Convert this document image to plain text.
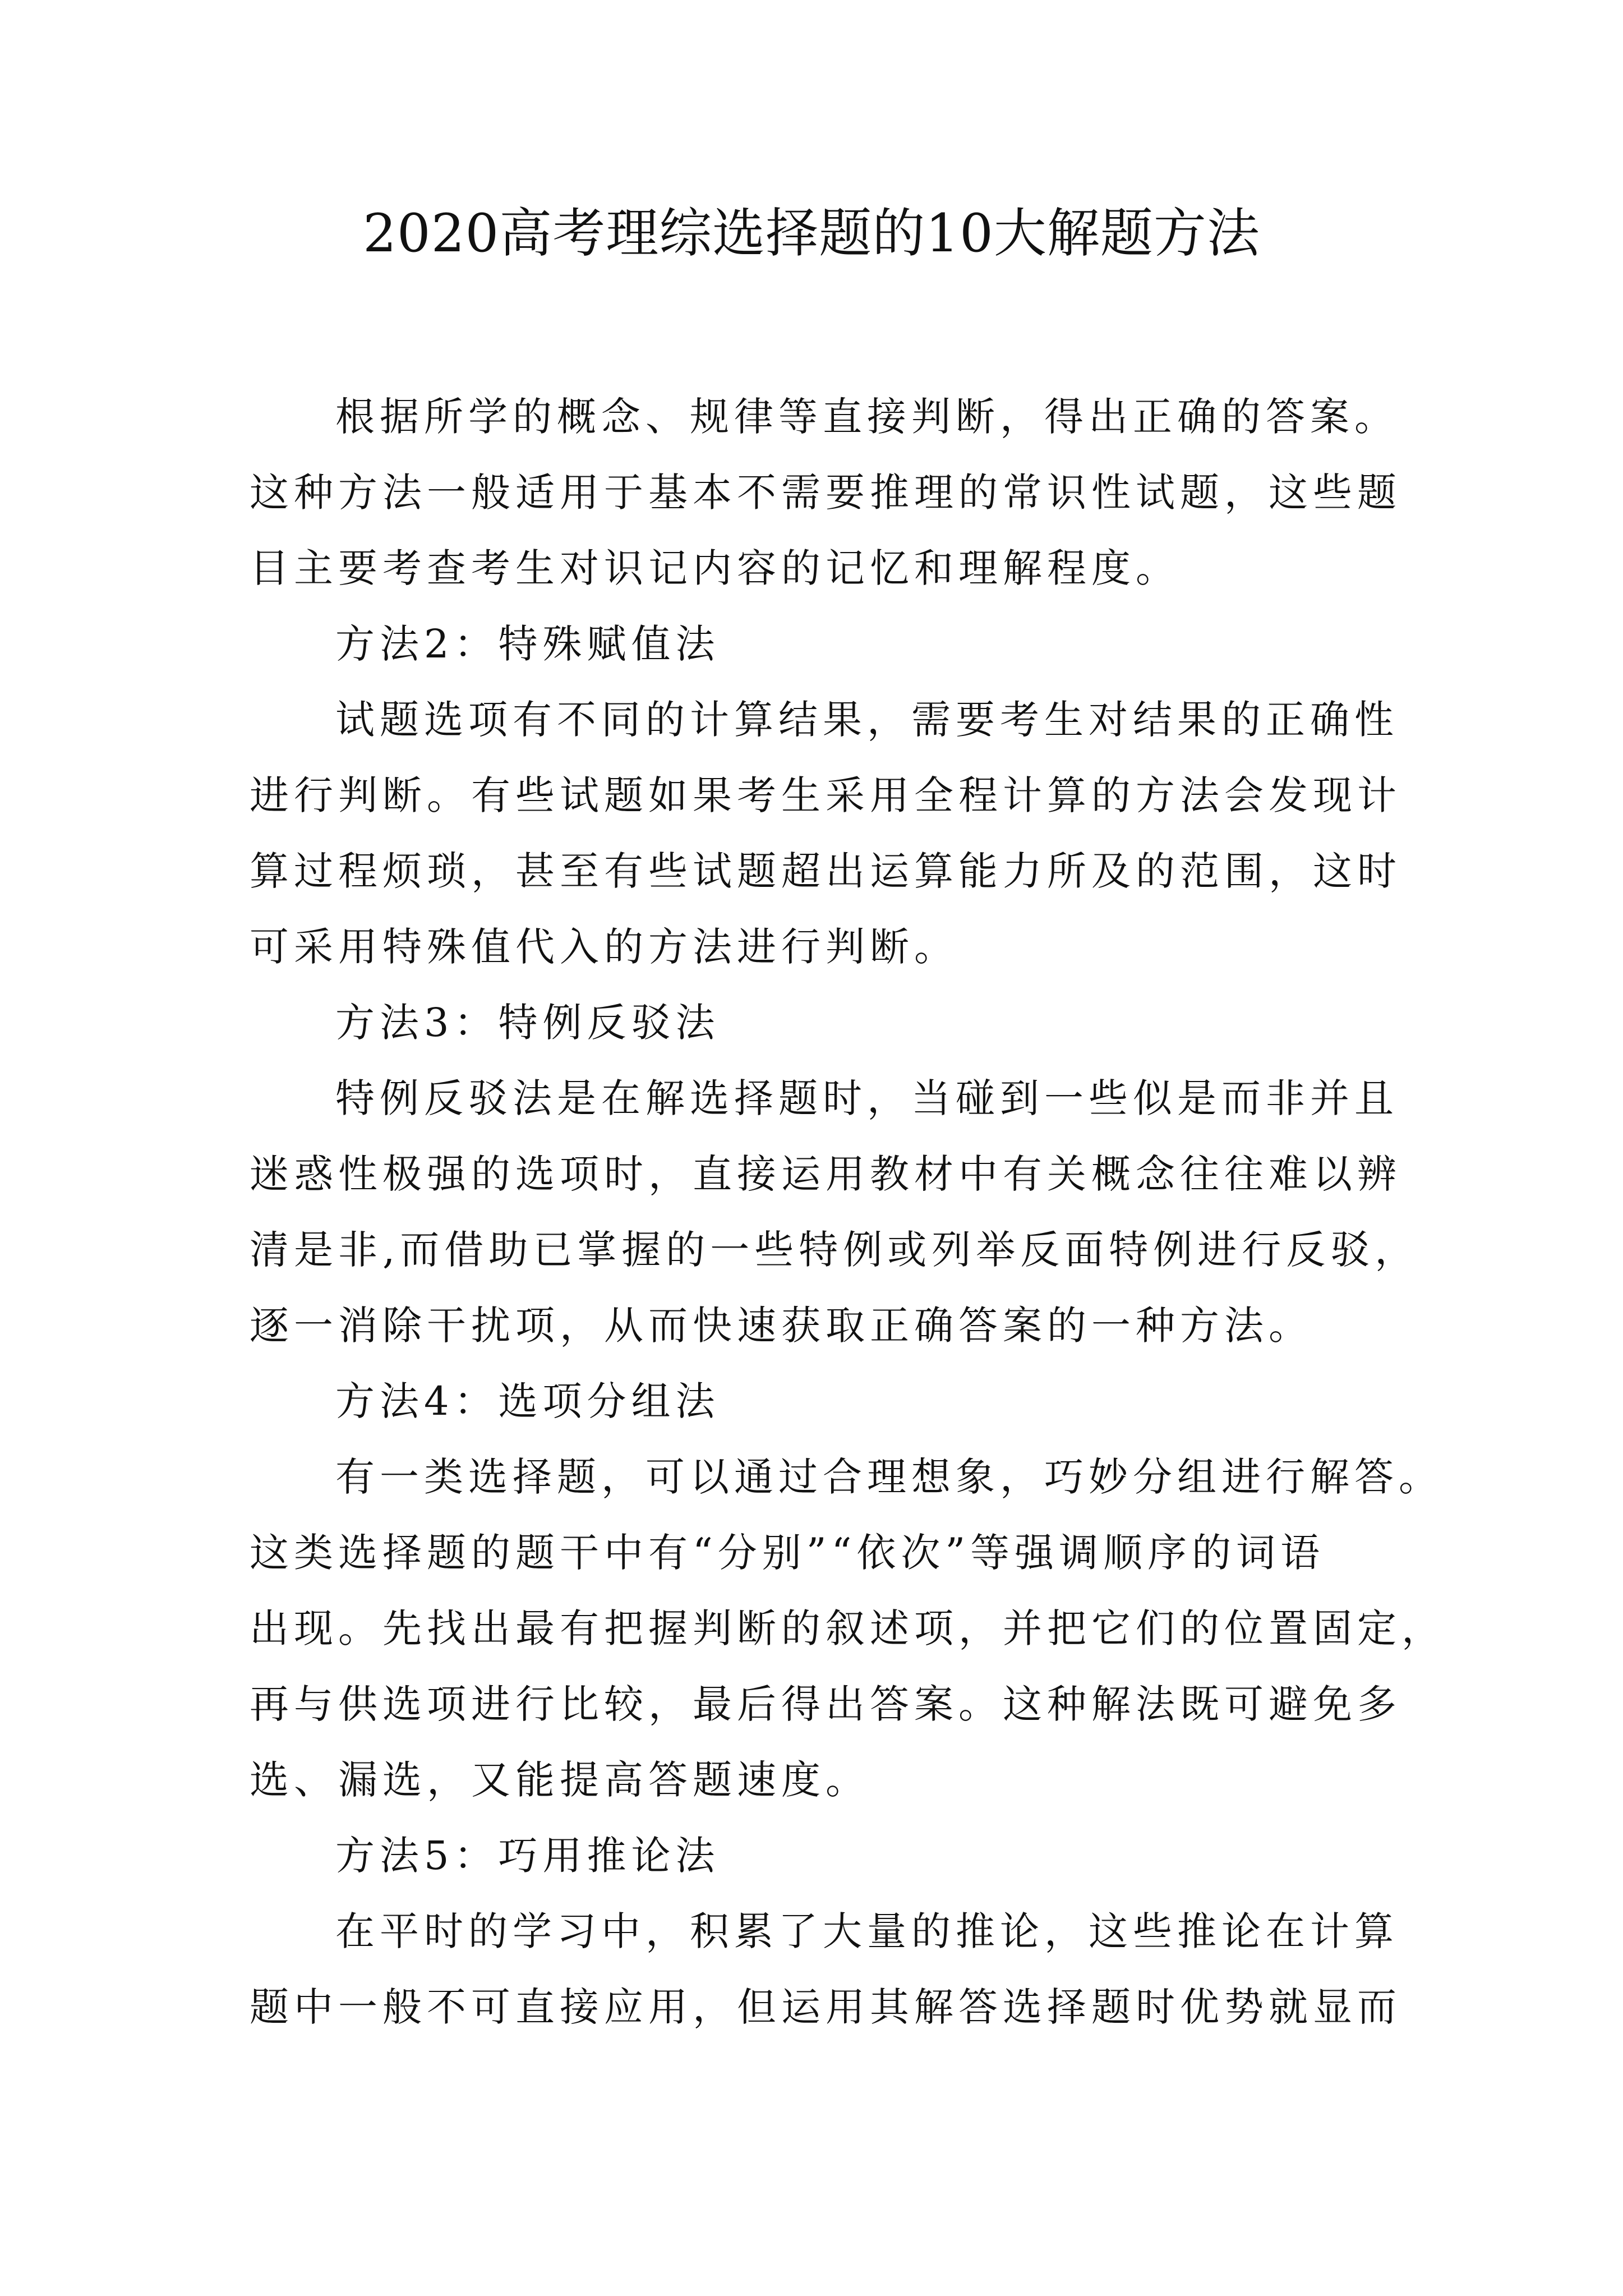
2020高考理综选择题的10大解题方法
根据所学的概念、规律等直接判断，得出正确的答案。
这种方法一般适用于基本不需要推理的常识性试题，这些题
目主要考查考生对识记内容的记忆和理解程度。
方法2：特殊赋值法
试题选项有不同的计算结果，需要考生对结果的正确性
进行判断。有些试题如果考生采用全程计算的方法会发现计
算过程烦琐，甚至有些试题超出运算能力所及的范围，这时
可采用特殊值代入的方法进行判断。
方法3：特例反驳法
特例反驳法是在解选择题时，当碰到一些似是而非并且
迷惑性极强的选项时，直接运用教材中有关概念往往难以辨
清是非,而借助已掌握的一些特例或列举反面特例进行反驳，
逐一消除干扰项，从而快速获取正确答案的一种方法。
方法4：选项分组法
有一类选择题，可以通过合理想象，巧妙分组进行解答。
这类选择题的题干中有“分别”“依次”等强调顺序的词语
出现。先找出最有把握判断的叙述项，并把它们的位置固定，
再与供选项进行比较，最后得出答案。这种解法既可避免多
选、漏选，又能提高答题速度。
方法5：巧用推论法
在平时的学习中，积累了大量的推论，这些推论在计算
题中一般不可直接应用，但运用其解答选择题时优势就显而
